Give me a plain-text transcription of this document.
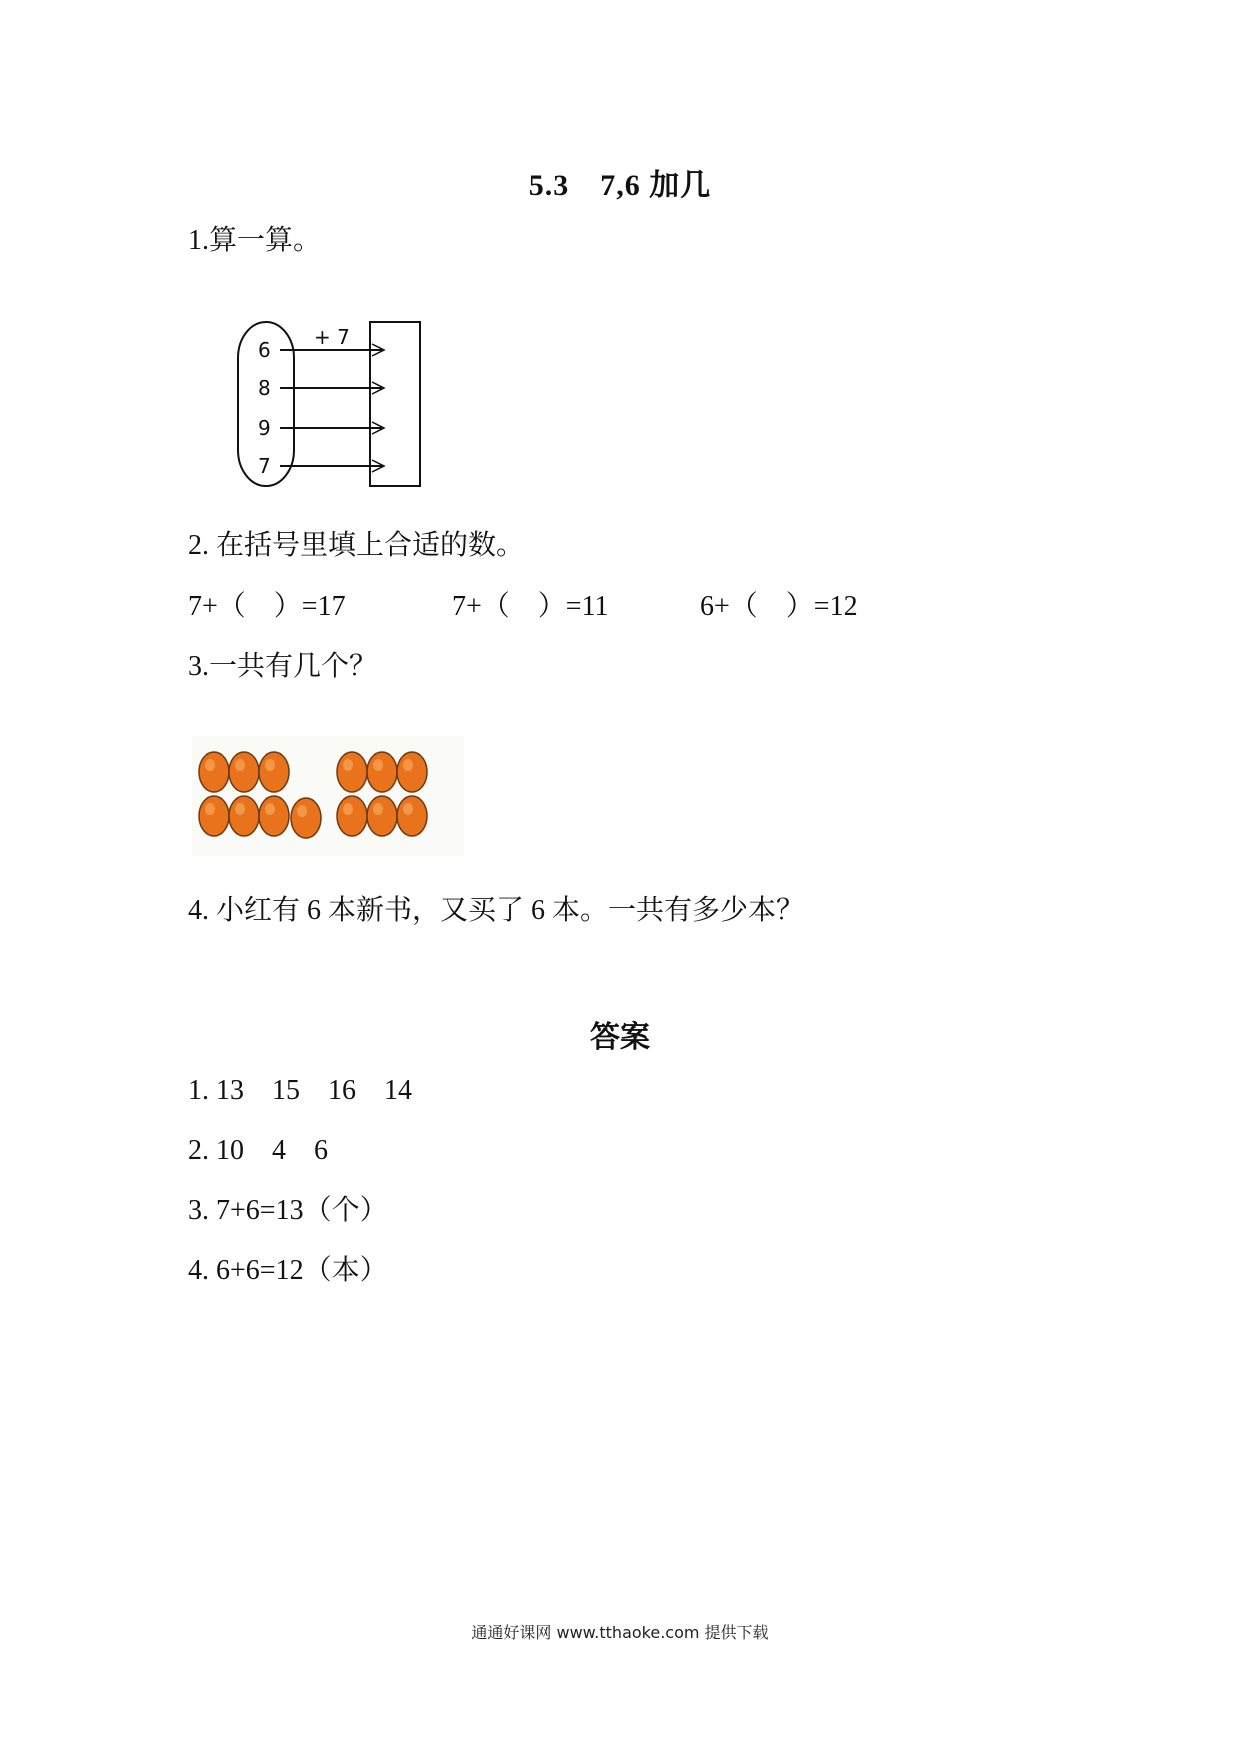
5.3　7,6 加几
1.算一算。
+ 7
6
8
9
7
2. 在括号里填上合适的数。
7+（　）=17	7+（　）=11	6+（　）=12
3.一共有几个？
4. 小红有 6 本新书，又买了 6 本。一共有多少本？
答案
1. 13　15　16　14
2. 10　4　6
3. 7+6=13（个）
4. 6+6=12（本）
通通好课网 www.tthaoke.com 提供下载
